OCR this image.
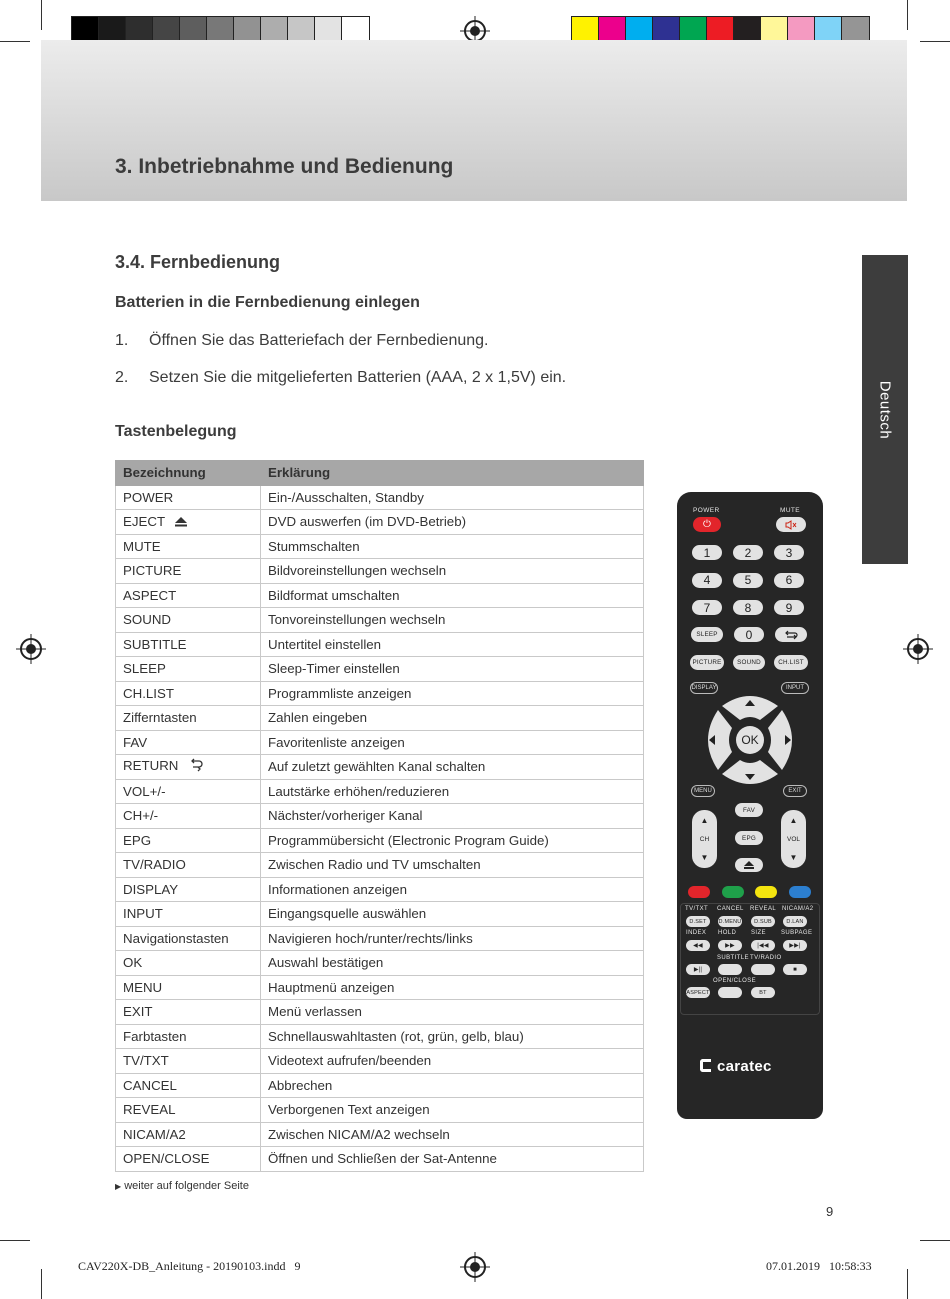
3. Inbetriebnahme und Bedienung
Deutsch
3.4. Fernbedienung
Batterien in die Fernbedienung einlegen
1. Öffnen Sie das Batteriefach der Fernbedienung.
2. Setzen Sie die mitgelieferten Batterien (AAA, 2 x 1,5V) ein.
Tastenbelegung
Bezeichnung	Erklärung
POWER	Ein-/Ausschalten, Standby
EJECT	DVD auswerfen (im DVD-Betrieb)
MUTE	Stummschalten
PICTURE	Bildvoreinstellungen wechseln
ASPECT	Bildformat umschalten
SOUND	Tonvoreinstellungen wechseln
SUBTITLE	Untertitel einstellen
SLEEP	Sleep-Timer einstellen
CH.LIST	Programmliste anzeigen
Zifferntasten	Zahlen eingeben
FAV	Favoritenliste anzeigen
RETURN	Auf zuletzt gewählten Kanal schalten
VOL+/-	Lautstärke erhöhen/reduzieren
CH+/-	Nächster/vorheriger Kanal
EPG	Programmübersicht (Electronic Program Guide)
TV/RADIO	Zwischen Radio und TV umschalten
DISPLAY	Informationen anzeigen
INPUT	Eingangsquelle auswählen
Navigationstasten	Navigieren hoch/runter/rechts/links
OK	Auswahl bestätigen
MENU	Hauptmenü anzeigen
EXIT	Menü verlassen
Farbtasten	Schnellauswahltasten (rot, grün, gelb, blau)
TV/TXT	Videotext aufrufen/beenden
CANCEL	Abbrechen
REVEAL	Verborgenen Text anzeigen
NICAM/A2	Zwischen NICAM/A2 wechseln
OPEN/CLOSE	Öffnen und Schließen der Sat-Antenne
▶ weiter auf folgender Seite
9
CAV220X-DB_Anleitung - 20190103.indd   9	07.01.2019   10:58:33
POWER	MUTE
⏻
1	2	3
4	5	6
7	8	9
SLEEP	0
PICTURE	SOUND	CH.LIST
DISPLAY	INPUT
OK
MENU	EXIT
▲
CH
▼
▲
VOL
▼
FAV
EPG
TV/TXT CANCEL REVEAL NICAM/A2
D.SET	D.MENU	D.SUB	D.LAN
INDEX HOLD SIZE	SUBPAGE
◀◀	▶▶	|◀◀	▶▶|
SUBTITLE TV/RADIO
▶||	■
OPEN/CLOSE
ASPECT	BT
caratec
